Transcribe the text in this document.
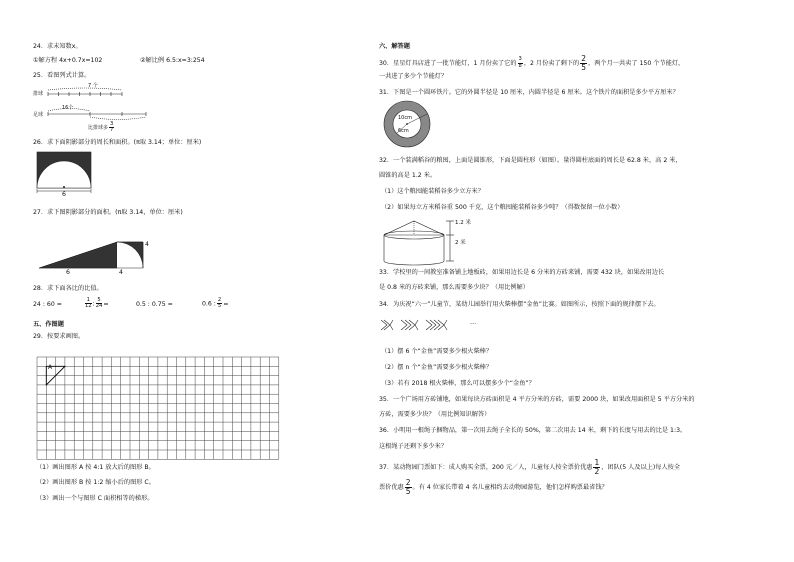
24．求未知数x。
①解方程 4x+0.7x=102	②解比例 6.5:x=3:254
25．看图列式计算。
排球
7 个
16个
足球
比排球多 $\frac{3}{7}$
26．求下面阴影部分的周长和面积。(π取 3.14；单位：厘米)
6
27．求下图阴影部分的面积。(π取 3.14，单位：厘米)
6	4
4
28．求下面各比的比值。
24 : 60 =	$\frac{1}{12}$ : $\frac{5}{24}$ =	0.5 : 0.75 =	0.6 : $\frac{2}{5}$ =
五、作图题
29．按要求画图。
A
（1）画出图形 A 按 4:1 放大后的图形 B。
（2）画出图形 B 按 1:2 缩小后的图形 C。
（3）画出一个与图形 C 面积相等的梯形。
六、解答题
30．星星灯具店进了一批节能灯，1 月份卖了它的 $\frac{3}{8}$ ，2 月份卖了剩下的 $\frac{2}{5}$ ，两个月一共卖了 150 个节能灯，
一共进了多少个节能灯？
31．下图是一个圆环铁片。它的外圆半径是 10 厘米，内圆半径是 6 厘米。这个铁片的面积是多少平方厘米？
10cm
6cm
32．一个装满稻谷的粮囤，上面是圆锥形，下面是圆柱形（如图）。量得圆柱底面的周长是 62.8 米，高 2 米，
圆锥的高是 1.2 米。
（1）这个粮囤能装稻谷多少立方米？
（2）如果每立方米稻谷重 500 千克，这个粮囤能装稻谷多少吨？（得数保留一位小数）
1.2 米
2 米
33．学校里的一间教室准备铺上地板砖，如果用边长是 6 分米的方砖来铺，需要 432 块，如果改用边长
是 0.8 米的方砖来铺，那么需要多少块？（用比例解）
34．为庆祝“六一”儿童节，某幼儿园举行用火柴棒摆“金鱼”比赛。如图所示，按照下面的规律摆下去。
…
（1）摆 6 个“金鱼”需要多少根火柴棒？
（2）摆 n 个“金鱼”需要多少根火柴棒？
（3）若有 2018 根火柴棒，那么可以摆多少个“金鱼”？
35．一个广场用方砖铺地，如果每块方砖面积是 4 平方分米的方砖，需要 2000 块，如果改用面积是 5 平方分米的
方砖，需要多少块？（用比例知识解答）
36．小明用一根绳子捆物品，第一次用去绳子全长的 50%，第二次用去 14 米，剩下的长度与用去的比是 1:3。
这根绳子还剩下多少米？
37．某动物园门票如下：成人购买全票，200 元／人，儿童每人按全票价优惠 $\frac{1}{2}$ ，团队(5 人及以上)每人按全
票价优惠 $\frac{2}{5}$ 。有 4 位家长带着 4 名儿童相约去动物园游览，他们怎样购票最省钱？
